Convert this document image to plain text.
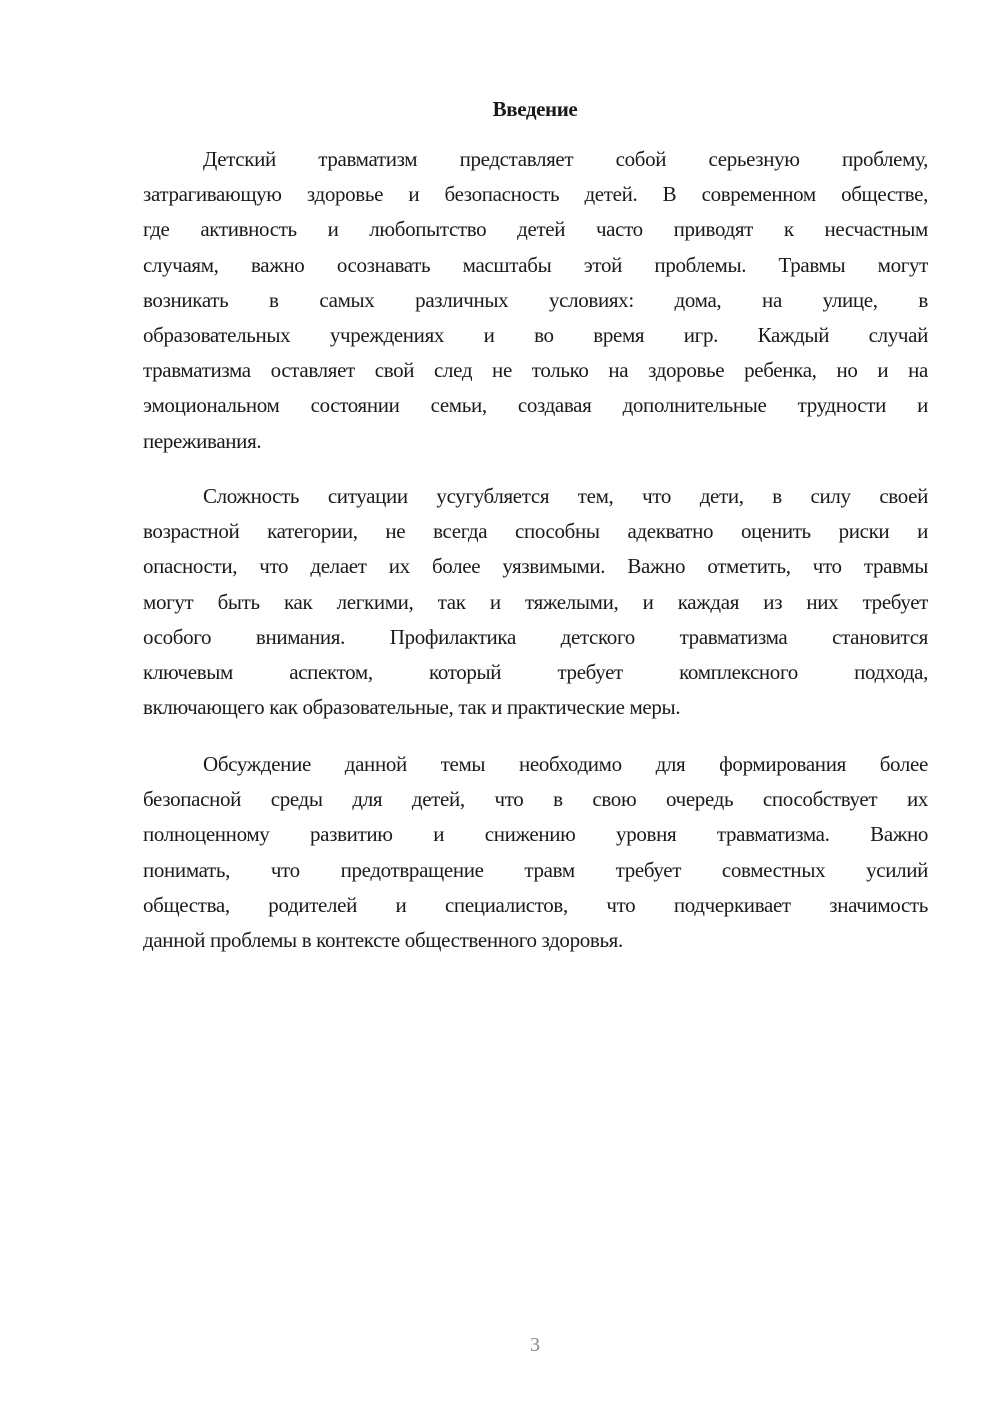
Введение
Детский травматизм представляет собой серьезную проблему,
затрагивающую здоровье и безопасность детей. В современном обществе,
где активность и любопытство детей часто приводят к несчастным
случаям, важно осознавать масштабы этой проблемы. Травмы могут
возникать в самых различных условиях: дома, на улице, в
образовательных учреждениях и во время игр. Каждый случай
травматизма оставляет свой след не только на здоровье ребенка, но и на
эмоциональном состоянии семьи, создавая дополнительные трудности и
переживания.
Сложность ситуации усугубляется тем, что дети, в силу своей
возрастной категории, не всегда способны адекватно оценить риски и
опасности, что делает их более уязвимыми. Важно отметить, что травмы
могут быть как легкими, так и тяжелыми, и каждая из них требует
особого внимания. Профилактика детского травматизма становится
ключевым аспектом, который требует комплексного подхода,
включающего как образовательные, так и практические меры.
Обсуждение данной темы необходимо для формирования более
безопасной среды для детей, что в свою очередь способствует их
полноценному развитию и снижению уровня травматизма. Важно
понимать, что предотвращение травм требует совместных усилий
общества, родителей и специалистов, что подчеркивает значимость
данной проблемы в контексте общественного здоровья.
3
